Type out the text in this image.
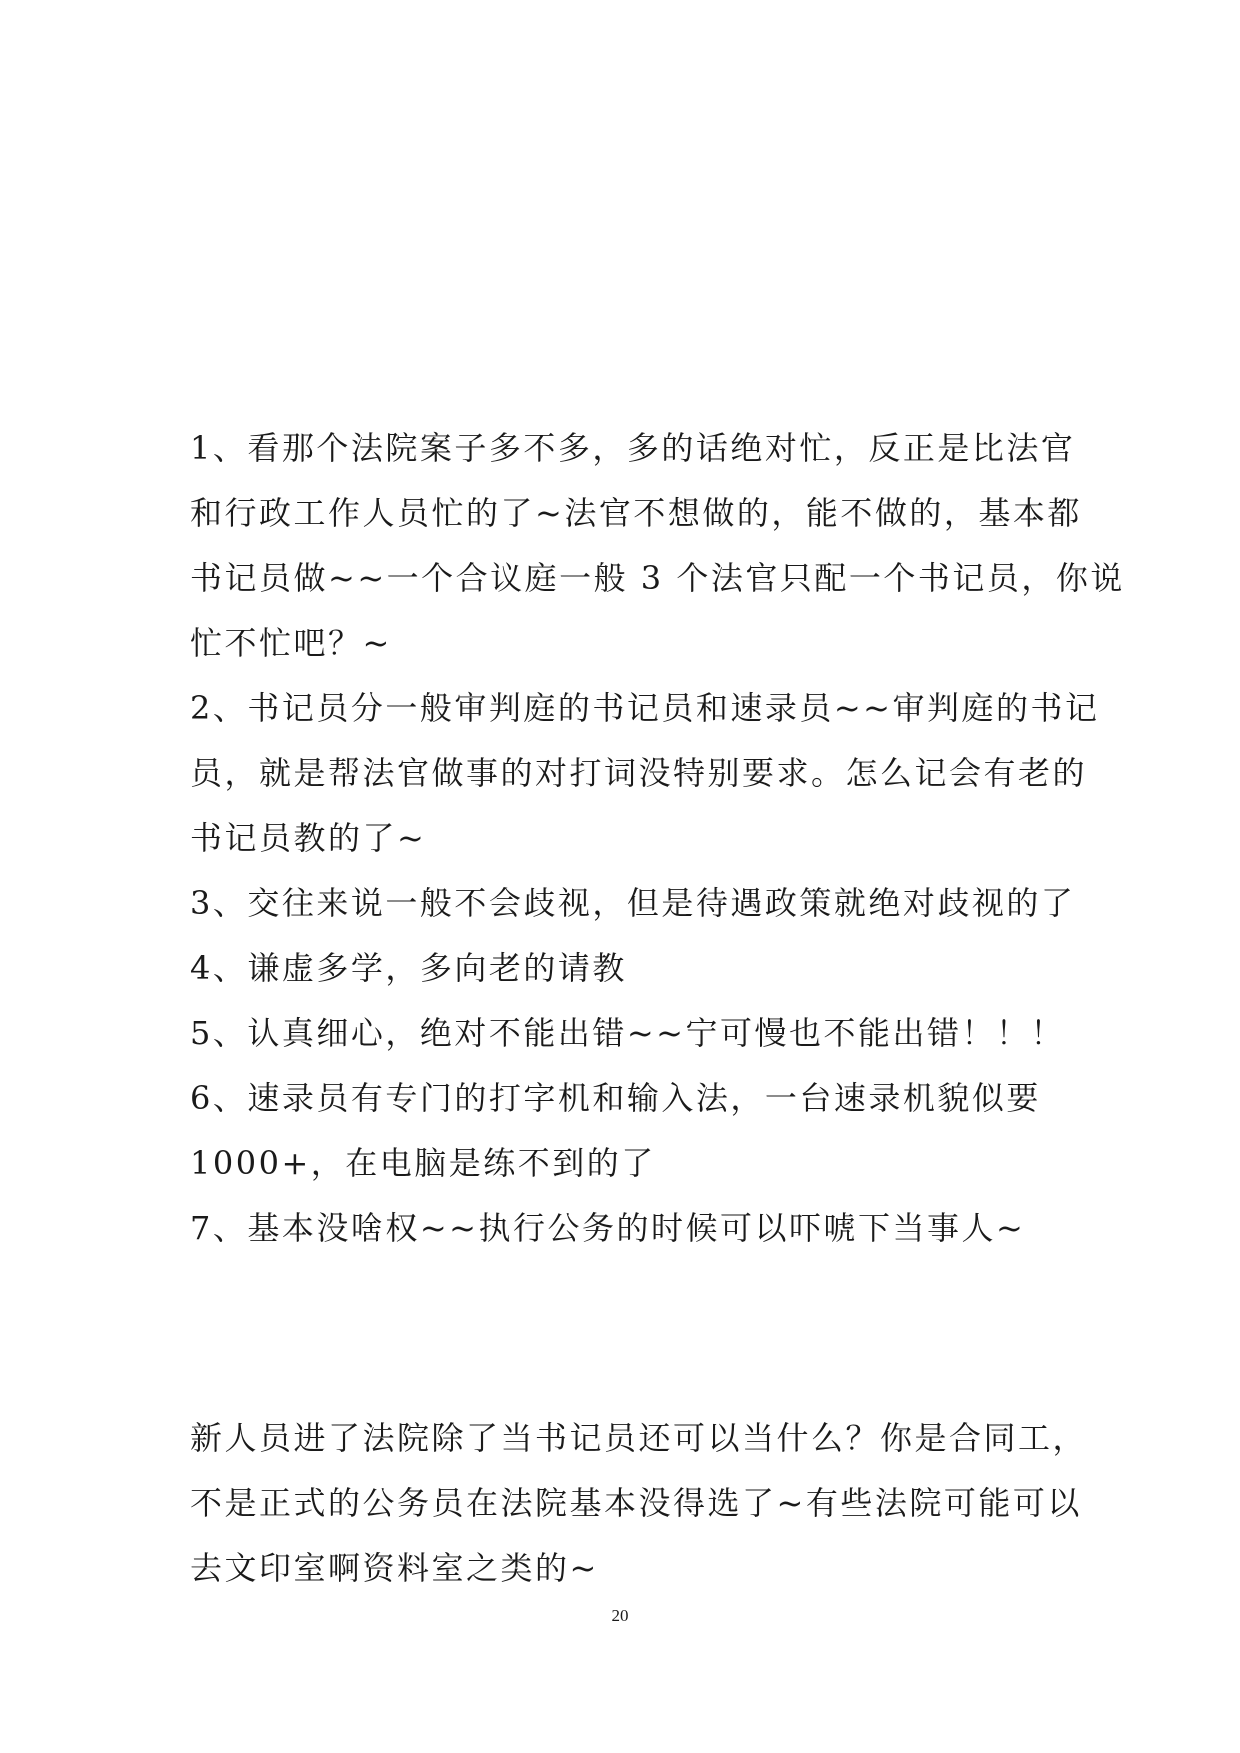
1、看那个法院案子多不多，多的话绝对忙，反正是比法官

和行政工作人员忙的了~法官不想做的，能不做的，基本都

书记员做~~一个合议庭一般 3 个法官只配一个书记员，你说

忙不忙吧？~

2、书记员分一般审判庭的书记员和速录员~~审判庭的书记

员，就是帮法官做事的对打词没特别要求。怎么记会有老的

书记员教的了~

3、交往来说一般不会歧视，但是待遇政策就绝对歧视的了

4、谦虚多学，多向老的请教

5、认真细心，绝对不能出错~~宁可慢也不能出错！！！

6、速录员有专门的打字机和输入法，一台速录机貌似要

1000+，在电脑是练不到的了

7、基本没啥权~~执行公务的时候可以吓唬下当事人~

新人员进了法院除了当书记员还可以当什么？你是合同工，

不是正式的公务员在法院基本没得选了~有些法院可能可以

去文印室啊资料室之类的~

20
